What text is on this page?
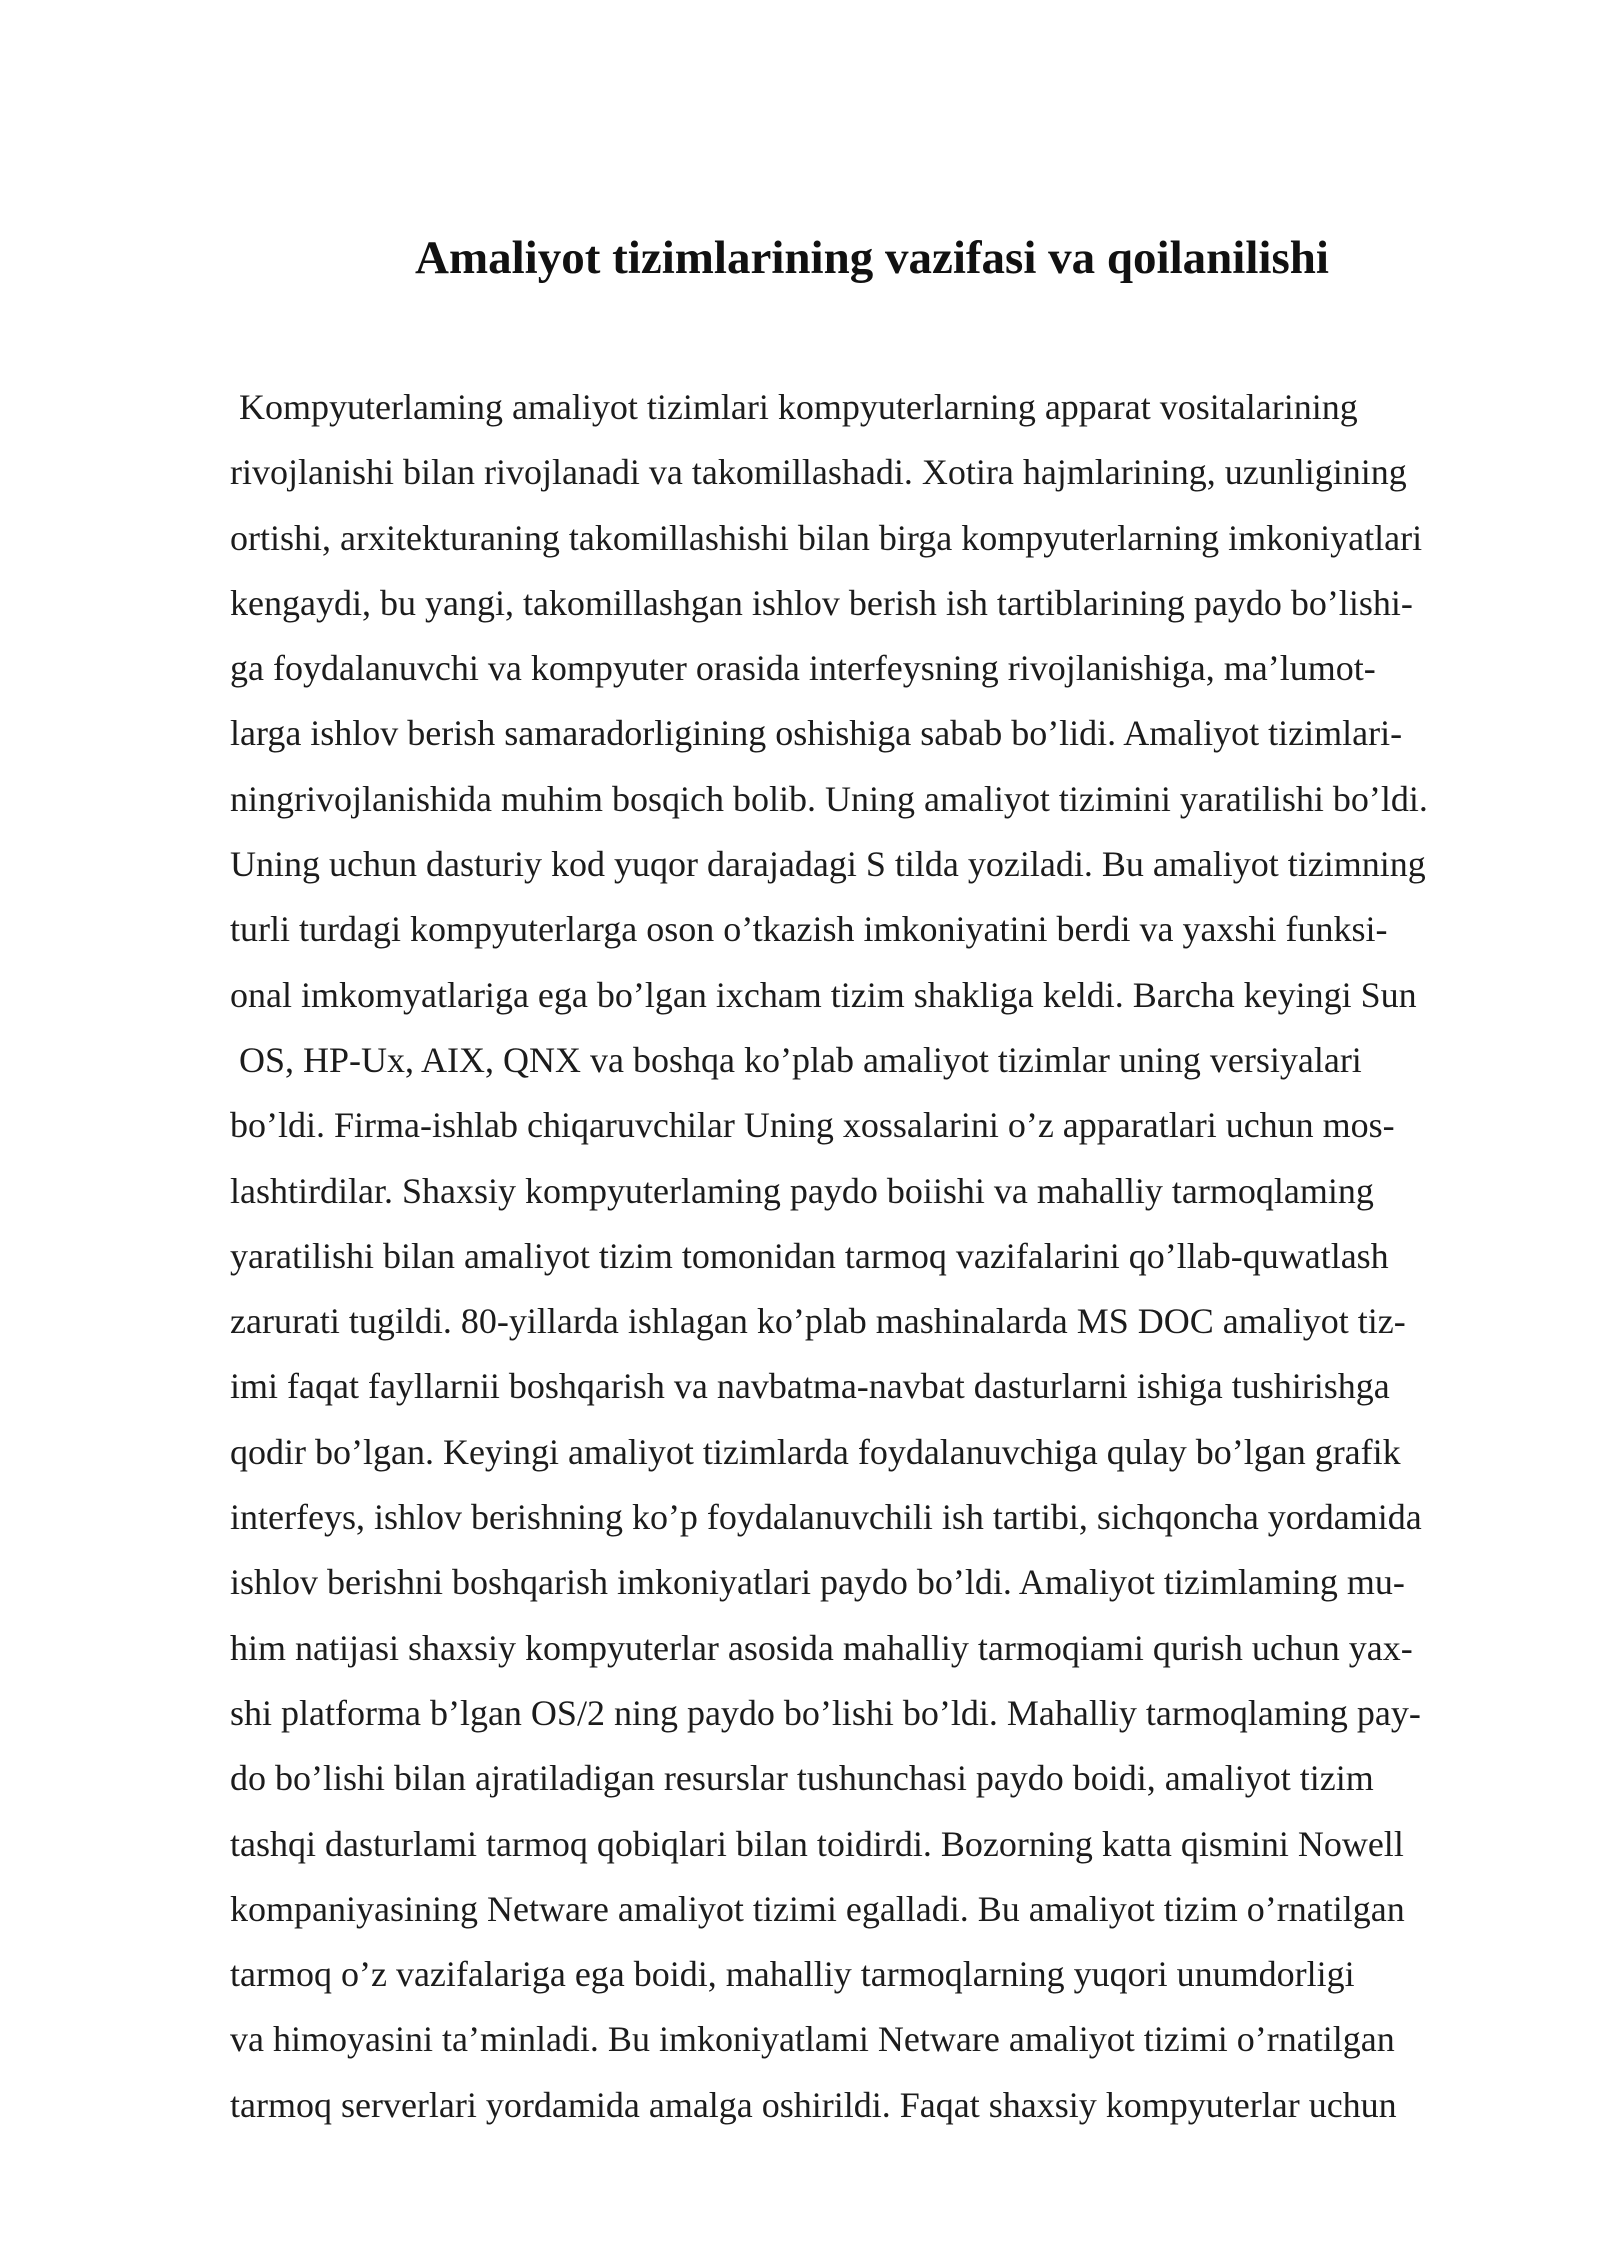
Amaliyot tizimlarining vazifasi va qoilanilishi
Kompyuterlaming amaliyot tizimlari kompyuterlarning apparat vositalarining
rivojlanishi bilan rivojlanadi va takomillashadi. Xotira hajmlarining, uzunligining
ortishi, arxitekturaning takomillashishi bilan birga kompyuterlarning imkoniyatlari
kengaydi, bu yangi, takomillashgan ishlov berish ish tartiblarining paydo bo’lishi-
ga foydalanuvchi va kompyuter orasida interfeysning rivojlanishiga, ma’lumot-
larga ishlov berish samaradorligining oshishiga sabab bo’lidi. Amaliyot tizimlari-
ningrivojlanishida muhim bosqich bolib. Uning amaliyot tizimini yaratilishi bo’ldi.
Uning uchun dasturiy kod yuqor darajadagi S tilda yoziladi. Bu amaliyot tizimning
turli turdagi kompyuterlarga oson o’tkazish imkoniyatini berdi va yaxshi funksi-
onal imkomyatlariga ega bo’lgan ixcham tizim shakliga keldi. Barcha keyingi Sun
OS, HP-Ux, AIX, QNX va boshqa ko’plab amaliyot tizimlar uning versiyalari
bo’ldi. Firma-ishlab chiqaruvchilar Uning xossalarini o’z apparatlari uchun mos-
lashtirdilar. Shaxsiy kompyuterlaming paydo boiishi va mahalliy tarmoqlaming
yaratilishi bilan amaliyot tizim tomonidan tarmoq vazifalarini qo’llab-quwatlash
zarurati tugildi. 80-yillarda ishlagan ko’plab mashinalarda MS DOC amaliyot tiz-
imi faqat fayllarnii boshqarish va navbatma-navbat dasturlarni ishiga tushirishga
qodir bo’lgan. Keyingi amaliyot tizimlarda foydalanuvchiga qulay bo’lgan grafik
interfeys, ishlov berishning ko’p foydalanuvchili ish tartibi, sichqoncha yordamida
ishlov berishni boshqarish imkoniyatlari paydo bo’ldi. Amaliyot tizimlaming mu-
him natijasi shaxsiy kompyuterlar asosida mahalliy tarmoqiami qurish uchun yax-
shi platforma b’lgan OS/2 ning paydo bo’lishi bo’ldi. Mahalliy tarmoqlaming pay-
do bo’lishi bilan ajratiladigan resurslar tushunchasi paydo boidi, amaliyot tizim
tashqi dasturlami tarmoq qobiqlari bilan toidirdi. Bozorning katta qismini Nowell
kompaniyasining Netware amaliyot tizimi egalladi. Bu amaliyot tizim o’rnatilgan
tarmoq o’z vazifalariga ega boidi, mahalliy tarmoqlarning yuqori unumdorligi
va himoyasini ta’minladi. Bu imkoniyatlami Netware amaliyot tizimi o’rnatilgan
tarmoq serverlari yordamida amalga oshirildi. Faqat shaxsiy kompyuterlar uchun
